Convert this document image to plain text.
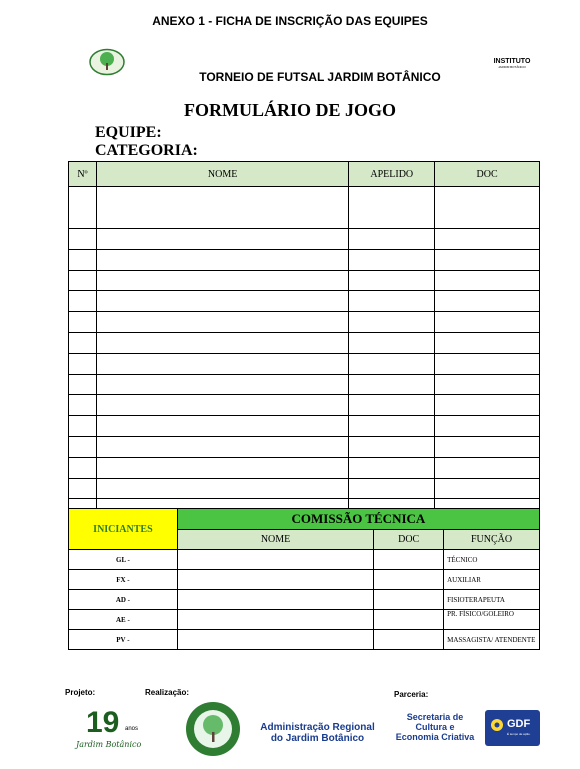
ANEXO 1 - FICHA DE INSCRIÇÃO DAS EQUIPES
INSTITUTO
JARDIM BOTÂNICO
TORNEIO DE FUTSAL JARDIM BOTÂNICO
FORMULÁRIO DE JOGO
EQUIPE:
CATEGORIA:
Nº	NOME	APELIDO	DOC

INICIANTES	COMISSÃO TÉCNICA		
	NOME	DOC	FUNÇÃO
GL -			TÉCNICO
FX -			AUXILIAR
AD -			FISIOTERAPEUTA
AE -			PR. FÍSICO/GOLEIRO
PV -			MASSAGISTA/ ATENDENTE
Projeto:	Realização:	Parceria:
19 anos
Jardim Botânico
Administração Regional
do Jardim Botânico
Secretaria de
Cultura e
Economia Criativa
GDF
É tempo de ação.
